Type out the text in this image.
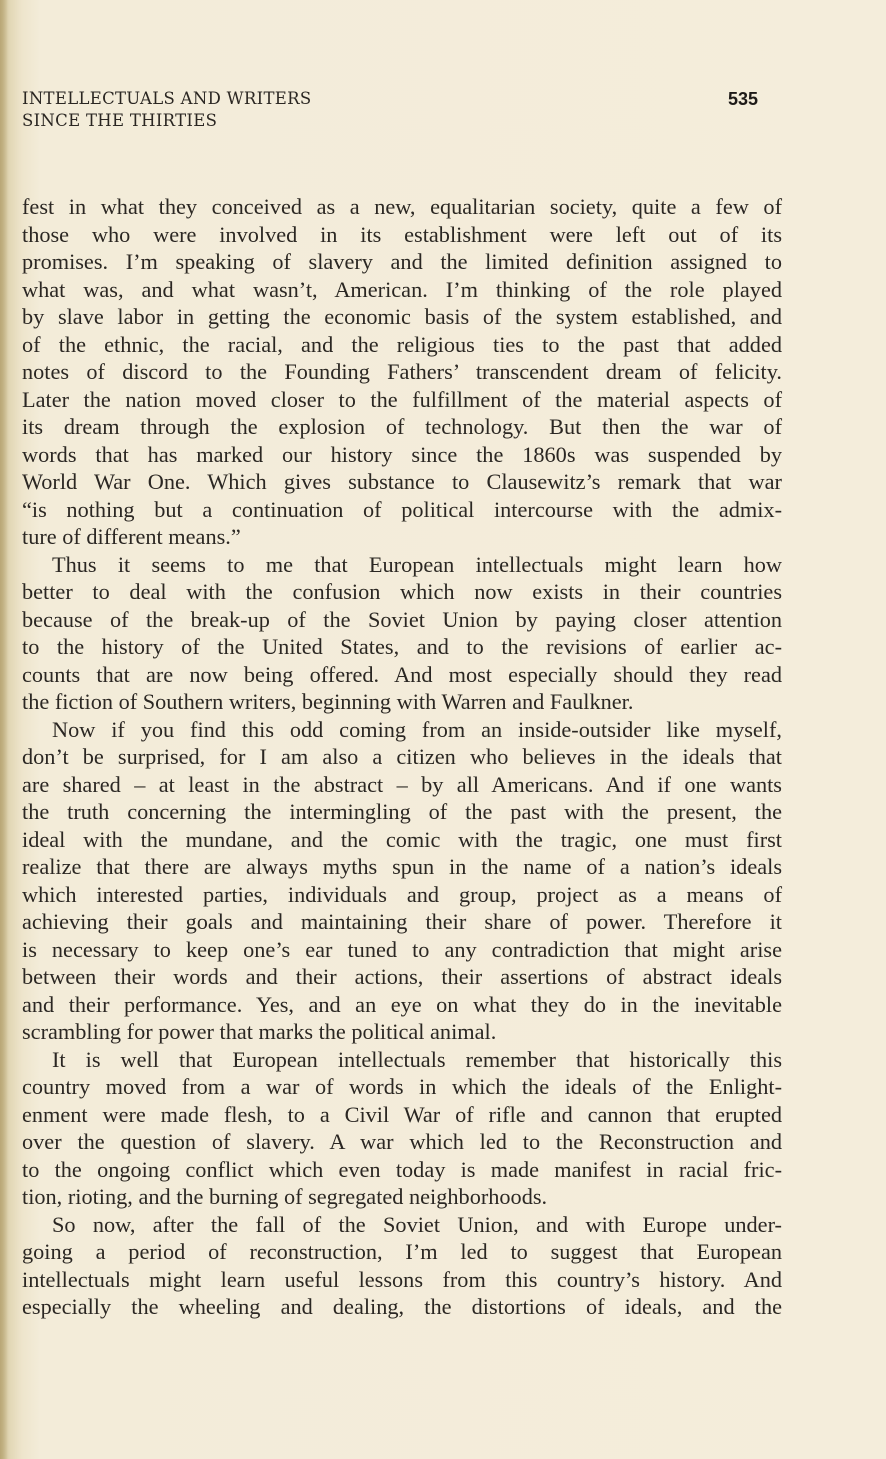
INTELLECTUALS AND WRITERS
SINCE THE THIRTIES
535

fest in what they conceived as a new, equalitarian society, quite a few of
those who were involved in its establishment were left out of its
promises. I’m speaking of slavery and the limited definition assigned to
what was, and what wasn’t, American. I’m thinking of the role played
by slave labor in getting the economic basis of the system established, and
of the ethnic, the racial, and the religious ties to the past that added
notes of discord to the Founding Fathers’ transcendent dream of felicity.
Later the nation moved closer to the fulfillment of the material aspects of
its dream through the explosion of technology. But then the war of
words that has marked our history since the 1860s was suspended by
World War One. Which gives substance to Clausewitz’s remark that war
“is nothing but a continuation of political intercourse with the admix-
ture of different means.”

Thus it seems to me that European intellectuals might learn how
better to deal with the confusion which now exists in their countries
because of the break-up of the Soviet Union by paying closer attention
to the history of the United States, and to the revisions of earlier ac-
counts that are now being offered. And most especially should they read
the fiction of Southern writers, beginning with Warren and Faulkner.

Now if you find this odd coming from an inside-outsider like myself,
don’t be surprised, for I am also a citizen who believes in the ideals that
are shared – at least in the abstract – by all Americans. And if one wants
the truth concerning the intermingling of the past with the present, the
ideal with the mundane, and the comic with the tragic, one must first
realize that there are always myths spun in the name of a nation’s ideals
which interested parties, individuals and group, project as a means of
achieving their goals and maintaining their share of power. Therefore it
is necessary to keep one’s ear tuned to any contradiction that might arise
between their words and their actions, their assertions of abstract ideals
and their performance. Yes, and an eye on what they do in the inevitable
scrambling for power that marks the political animal.

It is well that European intellectuals remember that historically this
country moved from a war of words in which the ideals of the Enlight-
enment were made flesh, to a Civil War of rifle and cannon that erupted
over the question of slavery. A war which led to the Reconstruction and
to the ongoing conflict which even today is made manifest in racial fric-
tion, rioting, and the burning of segregated neighborhoods.

So now, after the fall of the Soviet Union, and with Europe under-
going a period of reconstruction, I’m led to suggest that European
intellectuals might learn useful lessons from this country’s history. And
especially the wheeling and dealing, the distortions of ideals, and the
